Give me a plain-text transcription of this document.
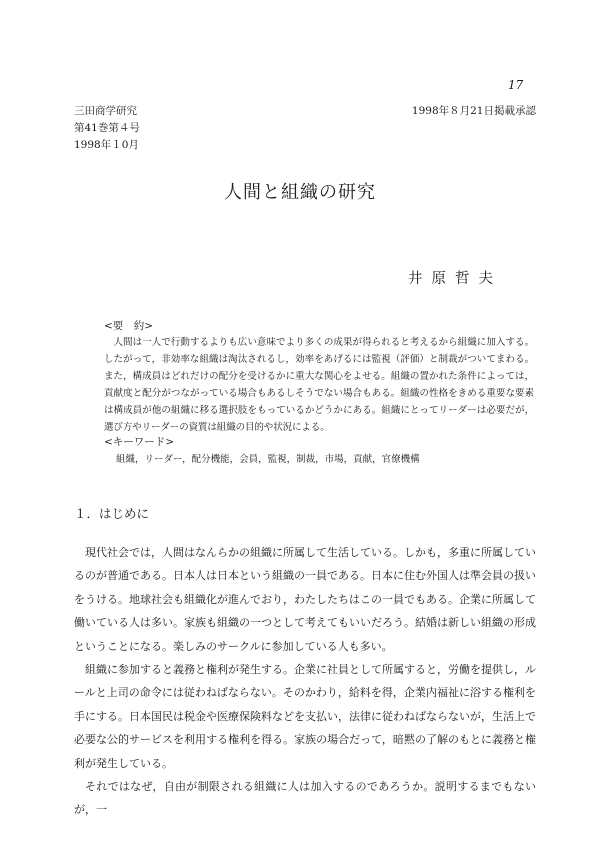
17
三田商学研究
第41巻第４号
1998年１0月
1998年８月21日掲載承認
人間と組織の研究
井原哲夫
<要　約>
人間は一人で行動するよりも広い意味でより多くの成果が得られると考えるから組織に加入する。したがって，非効率な組織は淘汰されるし，効率をあげるには監視（評価）と制裁がついてまわる。また，構成員はどれだけの配分を受けるかに重大な関心をよせる。組織の置かれた条件によっては，貢献度と配分がつながっている場合もあるしそうでない場合もある。組織の性格をきめる重要な要素は構成員が他の組織に移る選択肢をもっているかどうかにある。組織にとってリーダーは必要だが，選び方やリーダーの資質は組織の目的や状況による。
<キーワード>
組織，リーダー，配分機能，会員，監視，制裁，市場，貢献，官僚機構
１．はじめに

現代社会では，人間はなんらかの組織に所属して生活している。しかも，多重に所属しているのが普通である。日本人は日本という組織の一員である。日本に住む外国人は準会員の扱いをうける。地球社会も組織化が進んでおり，わたしたちはこの一員でもある。企業に所属して働いている人は多い。家族も組織の一つとして考えてもいいだろう。結婚は新しい組織の形成ということになる。楽しみのサークルに参加している人も多い。

組織に参加すると義務と権利が発生する。企業に社員として所属すると，労働を提供し，ルールと上司の命令には従わねばならない。そのかわり，給料を得，企業内福祉に浴する権利を手にする。日本国民は税金や医療保険料などを支払い，法律に従わねばならないが，生活上で必要な公的サービスを利用する権利を得る。家族の場合だって，暗黙の了解のもとに義務と権利が発生している。

それではなぜ，自由が制限される組織に人は加入するのであろうか。説明するまでもないが，一
